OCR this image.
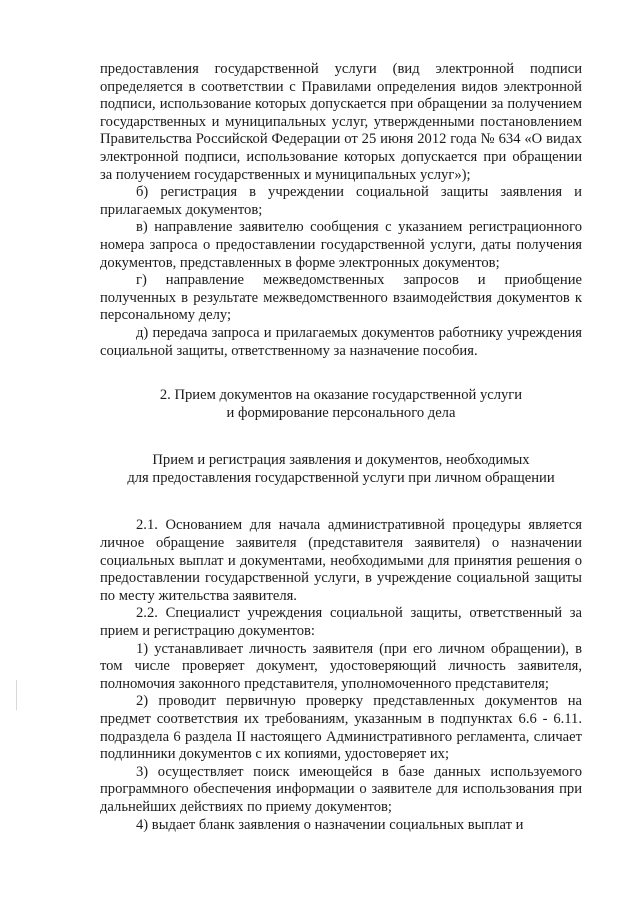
предоставления государственной услуги (вид электронной подписи определяется в соответствии с Правилами определения видов электронной подписи, использование которых допускается при обращении за получением государственных и муниципальных услуг, утвержденными постановлением Правительства Российской Федерации от 25 июня 2012 года № 634 «О видах электронной подписи, использование которых допускается при обращении за получением государственных и муниципальных услуг»);

б) регистрация в учреждении социальной защиты заявления и прилагаемых документов;

в) направление заявителю сообщения с указанием регистрационного номера запроса о предоставлении государственной услуги, даты получения документов, представленных в форме электронных документов;

г) направление межведомственных запросов и приобщение полученных в результате межведомственного взаимодействия документов к персональному делу;

д) передача запроса и прилагаемых документов работнику учреждения социальной защиты, ответственному за назначение пособия.

2. Прием документов на оказание государственной услуги
и формирование персонального дела

Прием и регистрация заявления и документов, необходимых
для предоставления государственной услуги при личном обращении

2.1. Основанием для начала административной процедуры является личное обращение заявителя (представителя заявителя) о назначении социальных выплат и документами, необходимыми для принятия решения о предоставлении государственной услуги, в учреждение социальной защиты по месту жительства заявителя.

2.2. Специалист учреждения социальной защиты, ответственный за прием и регистрацию документов:

1) устанавливает личность заявителя (при его личном обращении), в том числе проверяет документ, удостоверяющий личность заявителя, полномочия законного представителя, уполномоченного представителя;

2) проводит первичную проверку представленных документов на предмет соответствия их требованиям, указанным в подпунктах 6.6 - 6.11. подраздела 6 раздела II настоящего Административного регламента, сличает подлинники документов с их копиями, удостоверяет их;

3) осуществляет поиск имеющейся в базе данных используемого программного обеспечения информации о заявителе для использования при дальнейших действиях по приему документов;

4) выдает бланк заявления о назначении социальных выплат и
